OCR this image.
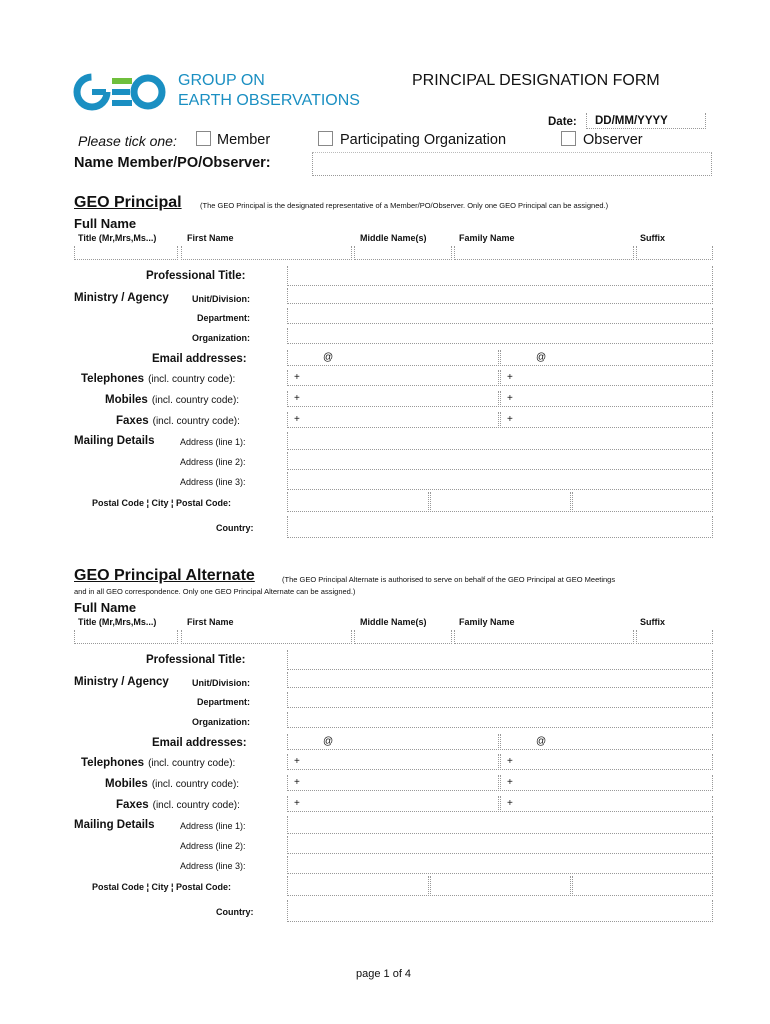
GROUP ON
EARTH OBSERVATIONS
PRINCIPAL DESIGNATION FORM
Date: DD/MM/YYYY
Please tick one:	Member	Participating Organization	Observer
Name Member/PO/Observer:
GEO Principal (The GEO Principal is the designated representative of a Member/PO/Observer. Only one GEO Principal can be assigned.)
Full Name
Title (Mr,Mrs,Ms...)	First Name	Middle Name(s)	Family Name	Suffix
Professional Title:
Ministry / Agency	Unit/Division:
Department:
Organization:
Email addresses:	@	@
Telephones (incl. country code):	+	+
Mobiles (incl. country code):	+	+
Faxes (incl. country code):	+	+
Mailing Details	Address (line 1):
Address (line 2):
Address (line 3):
Postal Code ¦ City ¦ Postal Code:
Country:
GEO Principal Alternate	(The GEO Principal Alternate is authorised to serve on behalf of the GEO Principal at GEO Meetings
and in all GEO correspondence. Only one GEO Principal Alternate can be assigned.)
Full Name
Title (Mr,Mrs,Ms...)	First Name	Middle Name(s)	Family Name	Suffix
Professional Title:
Ministry / Agency	Unit/Division:
Department:
Organization:
Email addresses:	@	@
Telephones (incl. country code):	+	+
Mobiles (incl. country code):	+	+
Faxes (incl. country code):	+	+
Mailing Details	Address (line 1):
Address (line 2):
Address (line 3):
Postal Code ¦ City ¦ Postal Code:
Country:
page 1 of 4
